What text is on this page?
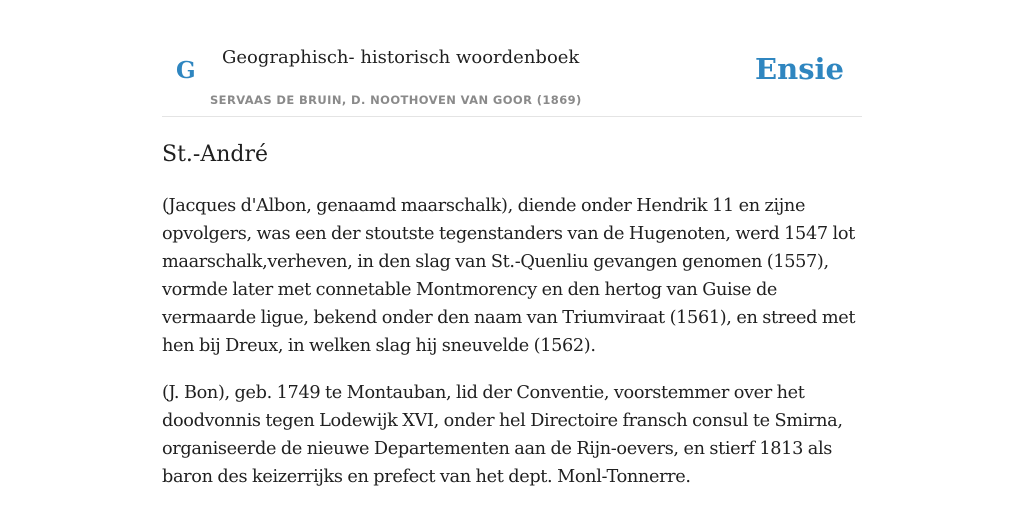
G Geographisch- historisch woordenboek
SERVAAS DE BRUIN, D. NOOTHOVEN VAN GOOR (1869)
Ensie
St.-André

(Jacques d'Albon, genaamd maarschalk), diende onder Hendrik 11 en zijne opvolgers, was een der stoutste tegenstanders van de Hugenoten, werd 1547 lot maarschalk,verheven, in den slag van St.-Quenliu gevangen genomen (1557), vormde later met connetable Montmorency en den hertog van Guise de vermaarde ligue, bekend onder den naam van Triumviraat (1561), en streed met hen bij Dreux, in welken slag hij sneuvelde (1562).

(J. Bon), geb. 1749 te Montauban, lid der Conventie, voorstemmer over het doodvonnis tegen Lodewijk XVI, onder hel Directoire fransch consul te Smirna, organiseerde de nieuwe Departementen aan de Rijn-oevers, en stierf 1813 als baron des keizerrijks en prefect van het dept. Monl-Tonnerre.
